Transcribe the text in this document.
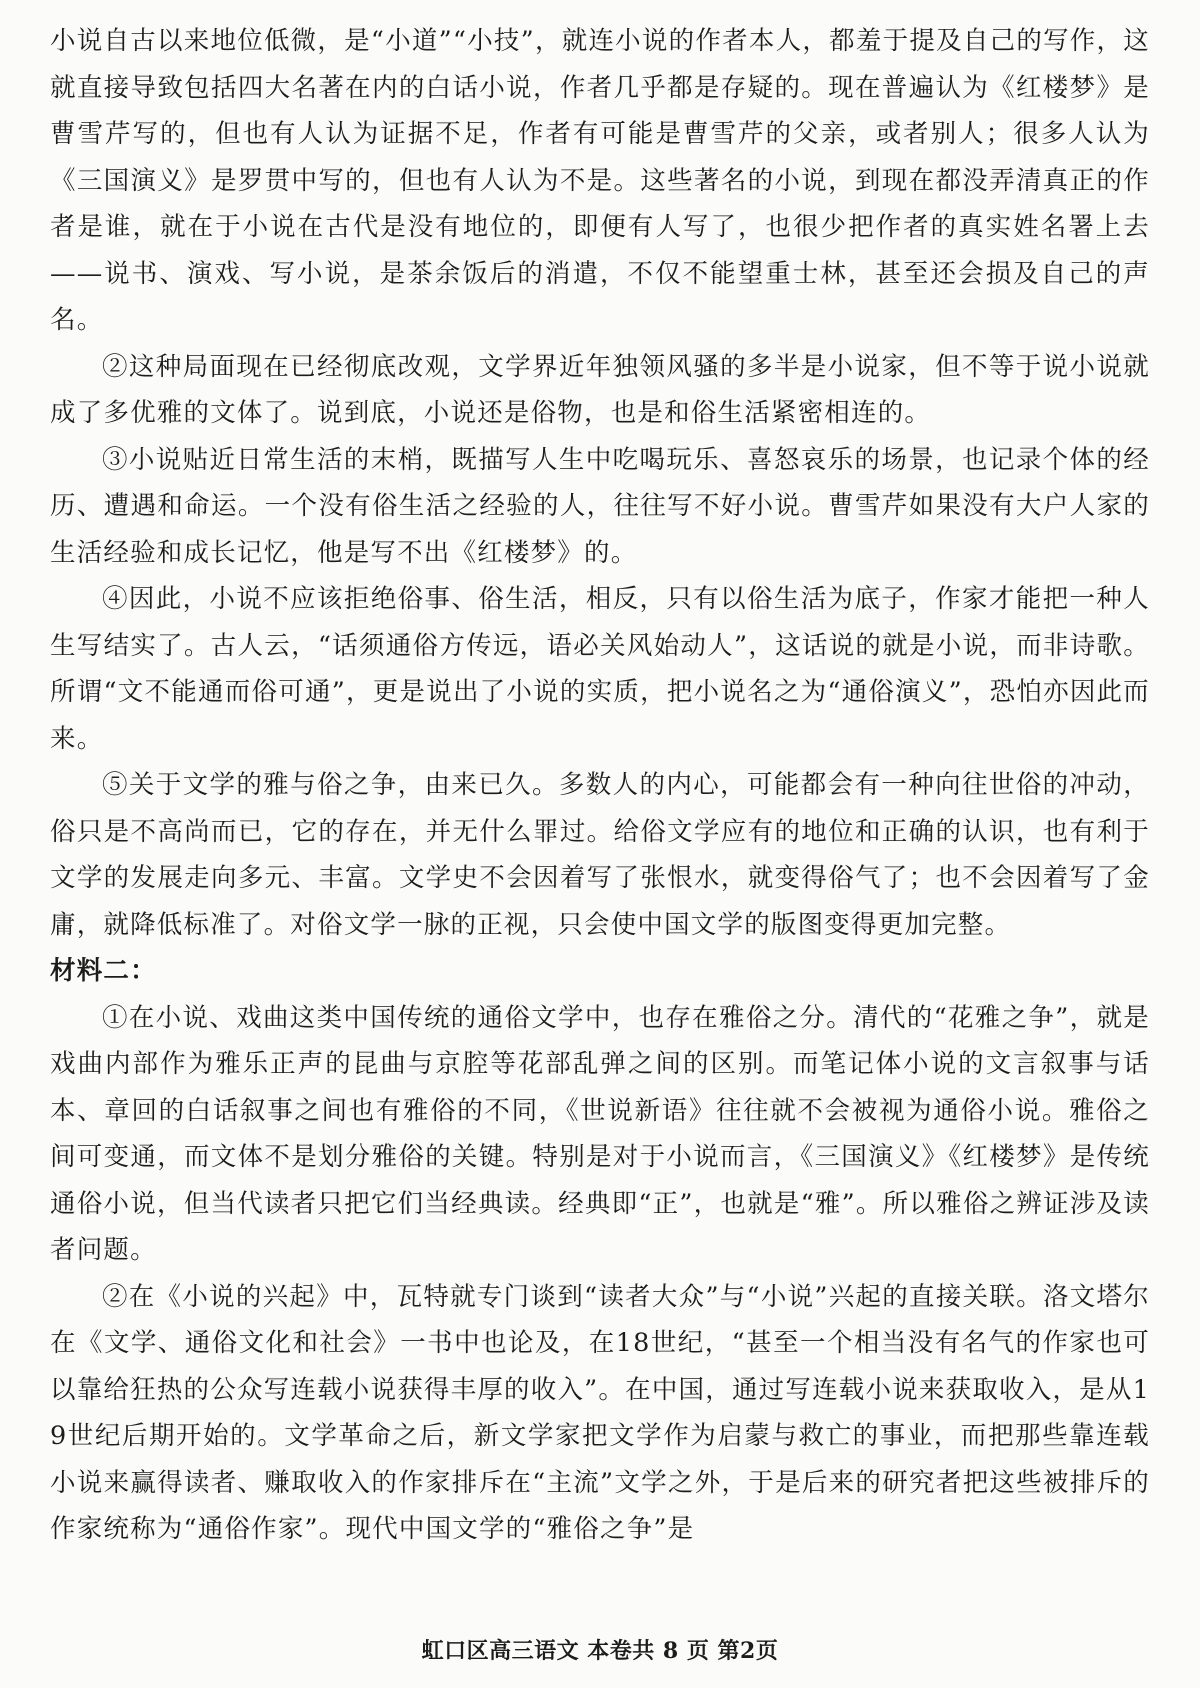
小说自古以来地位低微，是“小道”“小技”，就连小说的作者本人，都羞于提及自己的写作，这就直接导致包括四大名著在内的白话小说，作者几乎都是存疑的。现在普遍认为《红楼梦》是曹雪芹写的，但也有人认为证据不足，作者有可能是曹雪芹的父亲，或者别人；很多人认为《三国演义》是罗贯中写的，但也有人认为不是。这些著名的小说，到现在都没弄清真正的作者是谁，就在于小说在古代是没有地位的，即便有人写了，也很少把作者的真实姓名署上去——说书、演戏、写小说，是茶余饭后的消遣，不仅不能望重士林，甚至还会损及自己的声名。

②这种局面现在已经彻底改观，文学界近年独领风骚的多半是小说家，但不等于说小说就成了多优雅的文体了。说到底，小说还是俗物，也是和俗生活紧密相连的。

③小说贴近日常生活的末梢，既描写人生中吃喝玩乐、喜怒哀乐的场景，也记录个体的经历、遭遇和命运。一个没有俗生活之经验的人，往往写不好小说。曹雪芹如果没有大户人家的生活经验和成长记忆，他是写不出《红楼梦》的。

④因此，小说不应该拒绝俗事、俗生活，相反，只有以俗生活为底子，作家才能把一种人生写结实了。古人云，“话须通俗方传远，语必关风始动人”，这话说的就是小说，而非诗歌。所谓“文不能通而俗可通”，更是说出了小说的实质，把小说名之为“通俗演义”，恐怕亦因此而来。

⑤关于文学的雅与俗之争，由来已久。多数人的内心，可能都会有一种向往世俗的冲动，俗只是不高尚而已，它的存在，并无什么罪过。给俗文学应有的地位和正确的认识，也有利于文学的发展走向多元、丰富。文学史不会因着写了张恨水，就变得俗气了；也不会因着写了金庸，就降低标准了。对俗文学一脉的正视，只会使中国文学的版图变得更加完整。

材料二：

①在小说、戏曲这类中国传统的通俗文学中，也存在雅俗之分。清代的“花雅之争”，就是戏曲内部作为雅乐正声的昆曲与京腔等花部乱弹之间的区别。而笔记体小说的文言叙事与话本、章回的白话叙事之间也有雅俗的不同，《世说新语》往往就不会被视为通俗小说。雅俗之间可变通，而文体不是划分雅俗的关键。特别是对于小说而言，《三国演义》《红楼梦》是传统通俗小说，但当代读者只把它们当经典读。经典即“正”，也就是“雅”。所以雅俗之辨证涉及读者问题。

②在《小说的兴起》中，瓦特就专门谈到“读者大众”与“小说”兴起的直接关联。洛文塔尔在《文学、通俗文化和社会》一书中也论及，在18世纪，“甚至一个相当没有名气的作家也可以靠给狂热的公众写连载小说获得丰厚的收入”。在中国，通过写连载小说来获取收入，是从19世纪后期开始的。文学革命之后，新文学家把文学作为启蒙与救亡的事业，而把那些靠连载小说来赢得读者、赚取收入的作家排斥在“主流”文学之外，于是后来的研究者把这些被排斥的作家统称为“通俗作家”。现代中国文学的“雅俗之争”是

虹口区高三语文 本卷共 8 页 第2页
